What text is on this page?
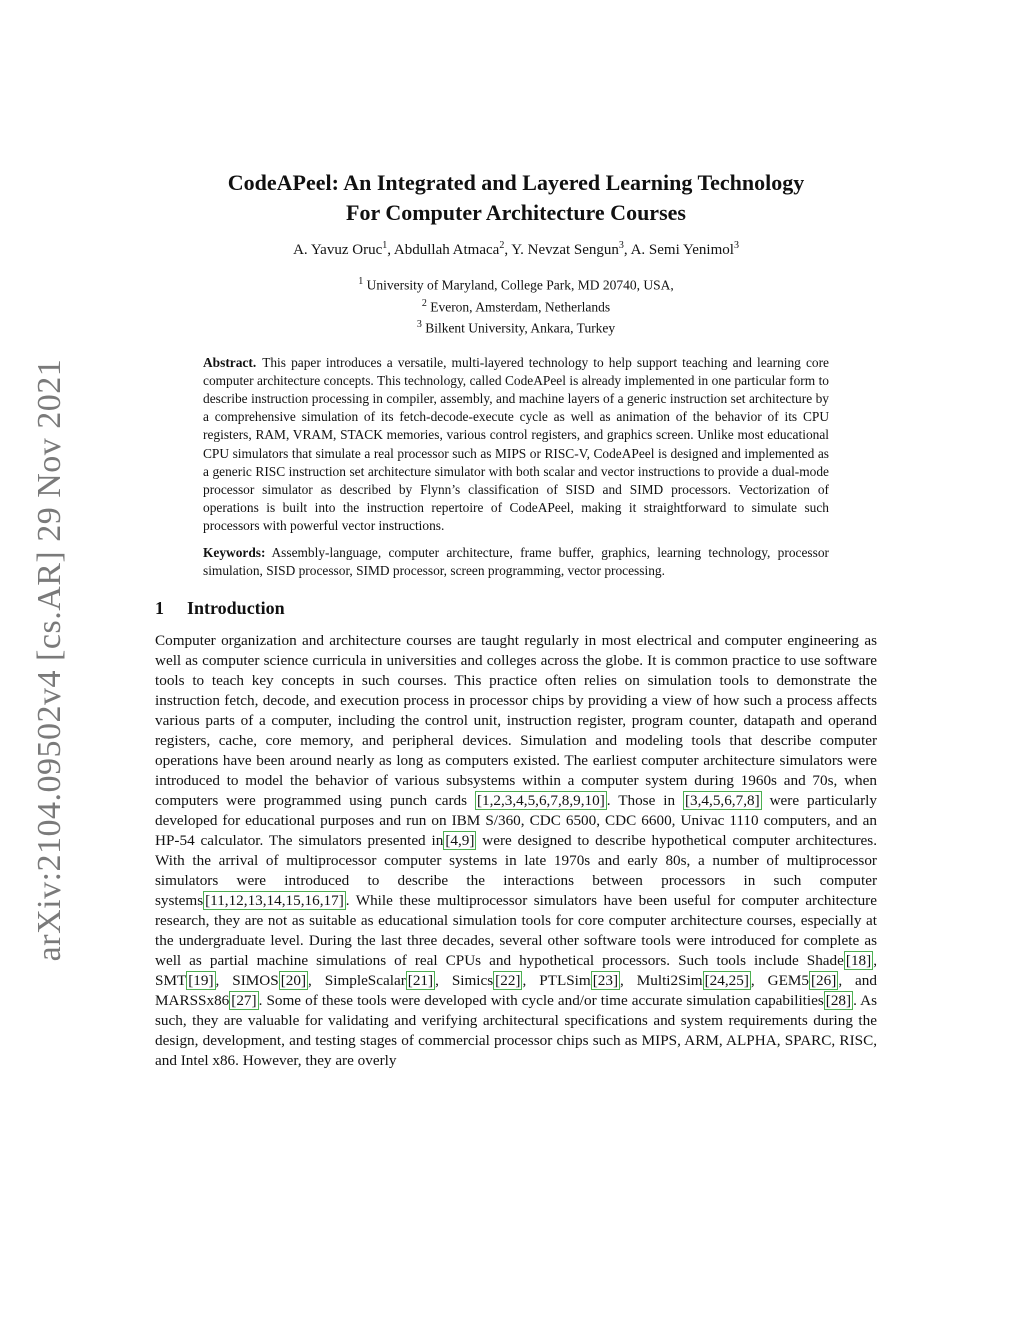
arXiv:2104.09502v4 [cs.AR] 29 Nov 2021
CodeAPeel: An Integrated and Layered Learning Technology
For Computer Architecture Courses
A. Yavuz Oruc$^1$, Abdullah Atmaca$^2$, Y. Nevzat Sengun$^3$, A. Semi Yenimol$^3$
$^1$ University of Maryland, College Park, MD 20740, USA,
$^2$ Everon, Amsterdam, Netherlands
$^3$ Bilkent University, Ankara, Turkey
Abstract. This paper introduces a versatile, multi-layered technology to help support teaching and learning core computer architecture concepts. This technology, called CodeAPeel is already implemented in one particular form to describe instruction processing in compiler, assembly, and machine layers of a generic instruction set architecture by a comprehensive simulation of its fetch-decode-execute cycle as well as animation of the behavior of its CPU registers, RAM, VRAM, STACK memories, various control registers, and graphics screen. Unlike most educational CPU simulators that simulate a real processor such as MIPS or RISC-V, CodeAPeel is designed and implemented as a generic RISC instruction set architecture simulator with both scalar and vector instructions to provide a dual-mode processor simulator as described by Flynn’s classification of SISD and SIMD processors. Vectorization of operations is built into the instruction repertoire of CodeAPeel, making it straightforward to simulate such processors with powerful vector instructions.
Keywords: Assembly-language, computer architecture, frame buffer, graphics, learning technology, processor simulation, SISD processor, SIMD processor, screen programming, vector processing.
1 Introduction
Computer organization and architecture courses are taught regularly in most electrical and computer engineering as well as computer science curricula in universities and colleges across the globe. It is common practice to use software tools to teach key concepts in such courses. This practice often relies on simulation tools to demonstrate the instruction fetch, decode, and execution process in processor chips by providing a view of how such a process affects various parts of a computer, including the control unit, instruction register, program counter, datapath and operand registers, cache, core memory, and peripheral devices. Simulation and modeling tools that describe computer operations have been around nearly as long as computers existed. The earliest computer architecture simulators were introduced to model the behavior of various subsystems within a computer system during 1960s and 70s, when computers were programmed using punch cards [1,2,3,4,5,6,7,8,9,10] . Those in [3,4,5,6,7,8] were particularly developed for educational purposes and run on IBM S/360, CDC 6500, CDC 6600, Univac 1110 computers, and an HP-54 calculator. The simulators presented in [4,9] were designed to describe hypothetical computer architectures. With the arrival of multiprocessor computer systems in late 1970s and early 80s, a number of multiprocessor simulators were introduced to describe the interactions between processors in such computer systems [11,12,13,14,15,16,17] . While these multiprocessor simulators have been useful for computer architecture research, they are not as suitable as educational simulation tools for core computer architecture courses, especially at the undergraduate level. During the last three decades, several other software tools were introduced for complete as well as partial machine simulations of real CPUs and hypothetical processors. Such tools include Shade [18] , SMT [19] , SIMOS [20] , SimpleScalar [21] , Simics [22] , PTLSim [23] , Multi2Sim [24,25] , GEM5 [26] , and MARSSx86 [27] . Some of these tools were developed with cycle and/or time accurate simulation capabilities [28] . As such, they are valuable for validating and verifying architectural specifications and system requirements during the design, development, and testing stages of commercial processor chips such as MIPS, ARM, ALPHA, SPARC, RISC, and Intel x86. However, they are overly
